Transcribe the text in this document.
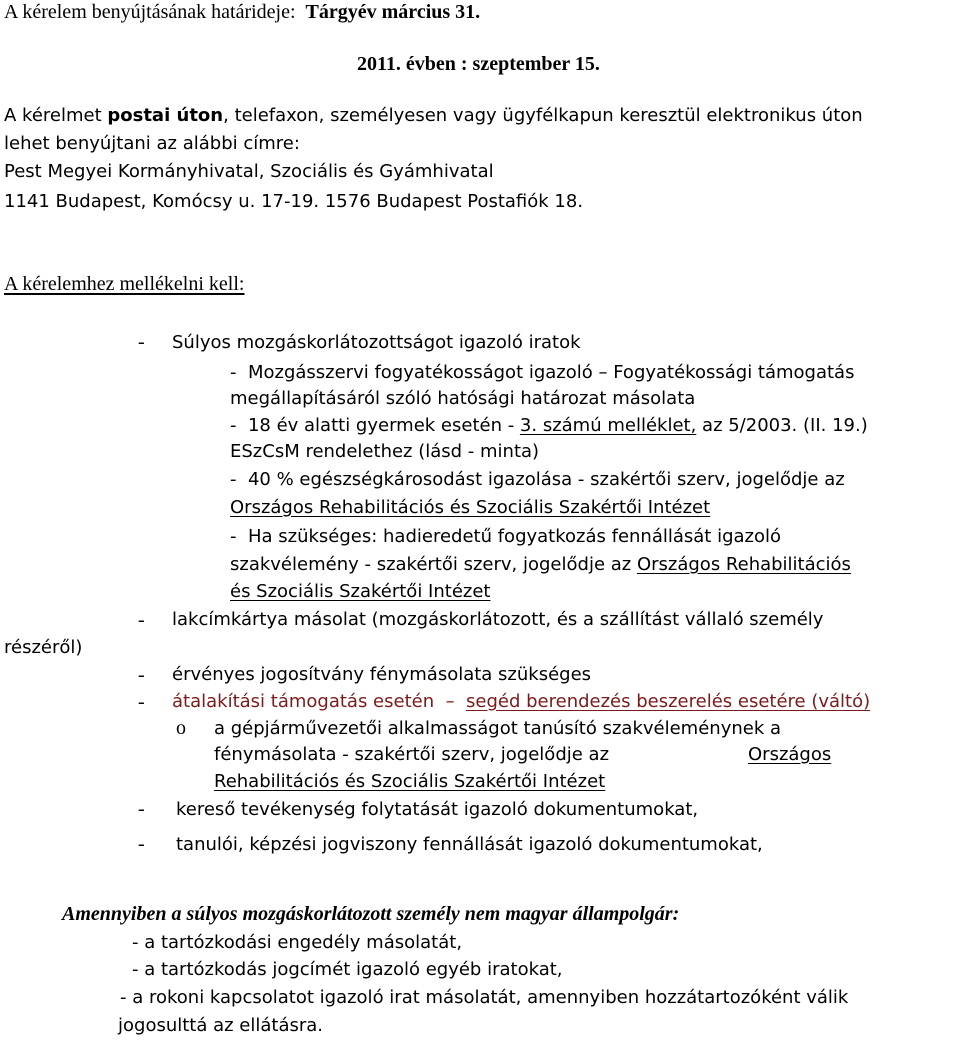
A kérelem benyújtásának határideje: Tárgyév március 31.
2011. évben : szeptember 15.
A kérelmet postai úton, telefaxon, személyesen vagy ügyfélkapun keresztül elektronikus úton
lehet benyújtani az alábbi címre:
Pest Megyei Kormányhivatal, Szociális és Gyámhivatal
1141 Budapest, Komócsy u. 17-19. 1576 Budapest Postafiók 18.
A kérelemhez mellékelni kell:
- Súlyos mozgáskorlátozottságot igazoló iratok
-  Mozgásszervi fogyatékosságot igazoló – Fogyatékossági támogatás
megállapításáról szóló hatósági határozat másolata
-  18 év alatti gyermek esetén - 3. számú melléklet, az 5/2003. (II. 19.)
ESzCsM rendelethez (lásd - minta)
-  40 % egészségkárosodást igazolása - szakértői szerv, jogelődje az
Országos Rehabilitációs és Szociális Szakértői Intézet
-  Ha szükséges: hadieredetű fogyatkozás fennállását igazoló
szakvélemény - szakértői szerv, jogelődje az Országos Rehabilitációs
és Szociális Szakértői Intézet
- lakcímkártya másolat (mozgáskorlátozott, és a szállítást vállaló személy
részéről)
- érvényes jogosítvány fénymásolata szükséges
- átalakítási támogatás esetén – segéd berendezés beszerelés esetére (váltó)
o a gépjárművezetői alkalmasságot tanúsító szakvéleménynek a
fénymásolata - szakértői szerv, jogelődje az	Országos
Rehabilitációs és Szociális Szakértői Intézet
- kereső tevékenység folytatását igazoló dokumentumokat,
- tanulói, képzési jogviszony fennállását igazoló dokumentumokat,
Amennyiben a súlyos mozgáskorlátozott személy nem magyar állampolgár:
- a tartózkodási engedély másolatát,
- a tartózkodás jogcímét igazoló egyéb iratokat,
- a rokoni kapcsolatot igazoló irat másolatát, amennyiben hozzátartozóként válik
jogosulttá az ellátásra.
